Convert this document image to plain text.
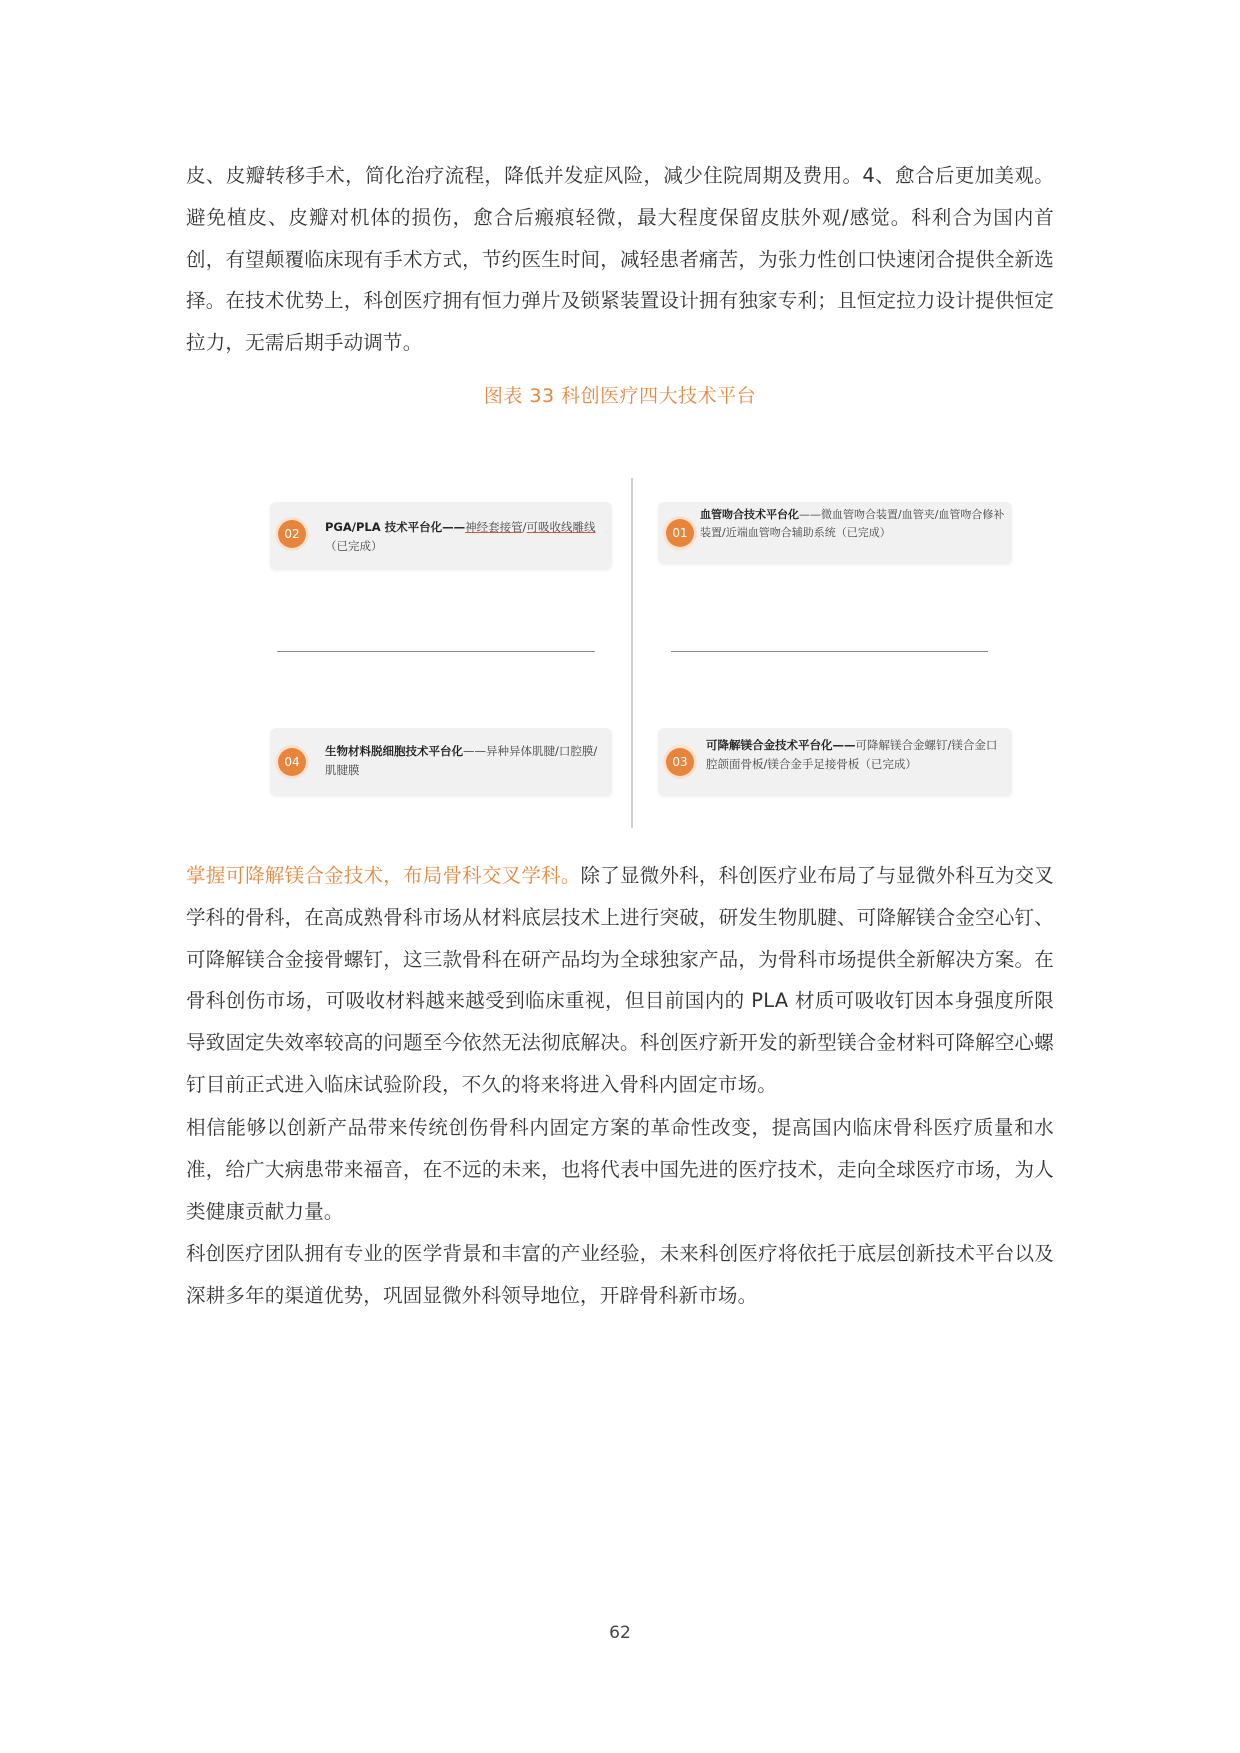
皮、皮瓣转移手术，简化治疗流程，降低并发症风险，减少住院周期及费用。4、愈合后更加美观。避免植皮、皮瓣对机体的损伤，愈合后瘢痕轻微，最大程度保留皮肤外观/感觉。科利合为国内首创，有望颠覆临床现有手术方式，节约医生时间，减轻患者痛苦，为张力性创口快速闭合提供全新选择。在技术优势上，科创医疗拥有恒力弹片及锁紧装置设计拥有独家专利；且恒定拉力设计提供恒定拉力，无需后期手动调节。

图表 33 科创医疗四大技术平台
02	PGA/PLA 技术平台化——神经套接管/可吸收线雕线（已完成）
01
血管吻合技术平台化——微血管吻合装置/血管夹/血管吻合修补装置/近端血管吻合辅助系统（已完成）
04
生物材料脱细胞技术平台化——异种异体肌腱/口腔膜/肌腱膜
03
可降解镁合金技术平台化——可降解镁合金螺钉/镁合金口腔颌面骨板/镁合金手足接骨板（已完成）

掌握可降解镁合金技术，布局骨科交叉学科。除了显微外科，科创医疗业布局了与显微外科互为交叉学科的骨科，在高成熟骨科市场从材料底层技术上进行突破，研发生物肌腱、可降解镁合金空心钉、可降解镁合金接骨螺钉，这三款骨科在研产品均为全球独家产品，为骨科市场提供全新解决方案。在骨科创伤市场，可吸收材料越来越受到临床重视，但目前国内的 PLA 材质可吸收钉因本身强度所限导致固定失效率较高的问题至今依然无法彻底解决。科创医疗新开发的新型镁合金材料可降解空心螺钉目前正式进入临床试验阶段，不久的将来将进入骨科内固定市场。

相信能够以创新产品带来传统创伤骨科内固定方案的革命性改变，提高国内临床骨科医疗质量和水准，给广大病患带来福音，在不远的未来，也将代表中国先进的医疗技术，走向全球医疗市场，为人类健康贡献力量。

科创医疗团队拥有专业的医学背景和丰富的产业经验，未来科创医疗将依托于底层创新技术平台以及深耕多年的渠道优势，巩固显微外科领导地位，开辟骨科新市场。

62
